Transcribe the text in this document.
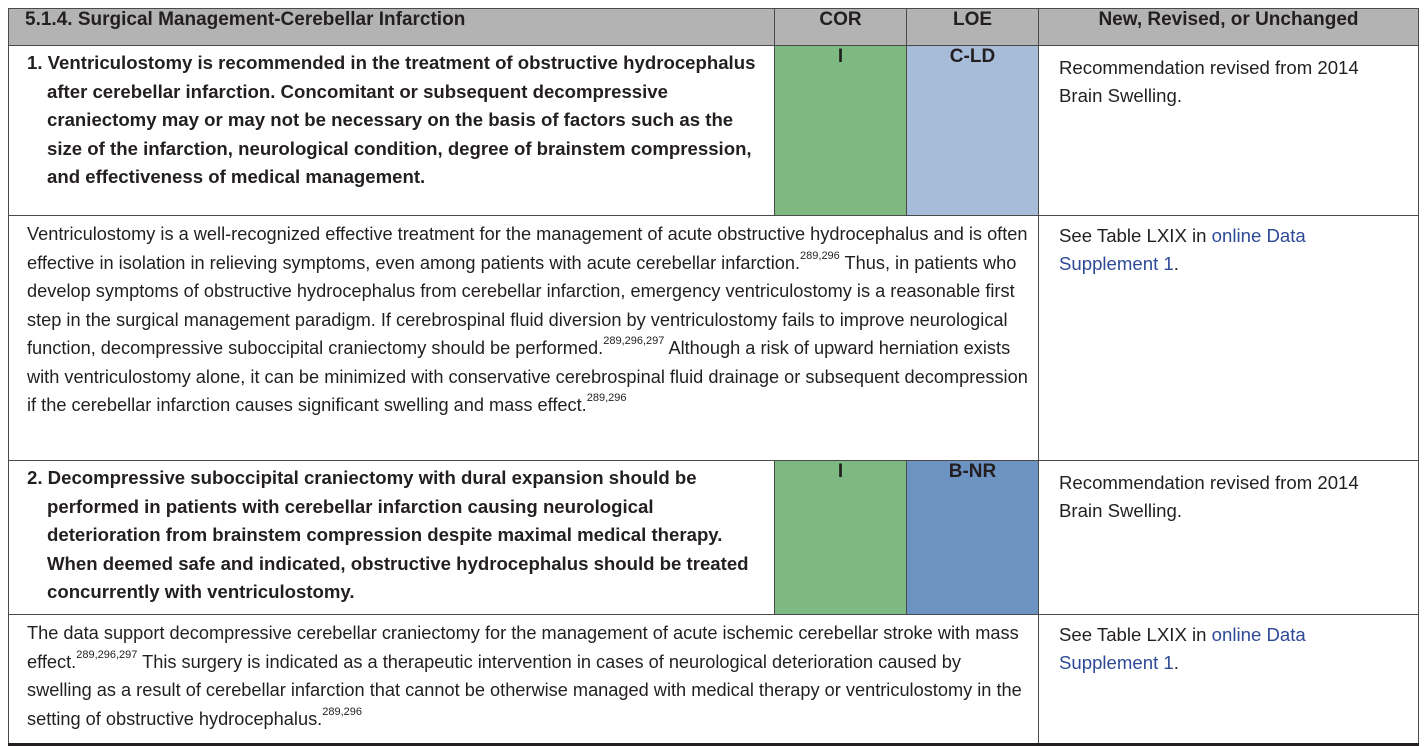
5.1.4. Surgical Management-Cerebellar Infarction	COR	LOE	New, Revised, or Unchanged

1. Ventriculostomy is recommended in the treatment of obstructive hydrocephalus after cerebellar infarction. Concomitant or subsequent decompressive craniectomy may or may not be necessary on the basis of factors such as the size of the infarction, neurological condition, degree of brainstem compression, and effectiveness of medical management.	I	C-LD	Recommendation revised from 2014 Brain Swelling.
Ventriculostomy is a well-recognized effective treatment for the management of acute obstructive hydrocephalus and is often effective in isolation in relieving symptoms, even among patients with acute cerebellar infarction.$^{289,296}$ Thus, in patients who develop symptoms of obstructive hydrocephalus from cerebellar infarction, emergency ventriculostomy is a reasonable first step in the surgical management paradigm. If cerebrospinal fluid diversion by ventriculostomy fails to improve neurological function, decompressive suboccipital craniectomy should be performed.$^{289,296,297}$ Although a risk of upward herniation exists with ventriculostomy alone, it can be minimized with conservative cerebrospinal fluid drainage or subsequent decompression if the cerebellar infarction causes significant swelling and mass effect.$^{289,296}$			See Table LXIX in online Data Supplement 1.

2. Decompressive suboccipital craniectomy with dural expansion should be performed in patients with cerebellar infarction causing neurological deterioration from brainstem compression despite maximal medical therapy. When deemed safe and indicated, obstructive hydrocephalus should be treated concurrently with ventriculostomy.	I	B-NR	Recommendation revised from 2014 Brain Swelling.
The data support decompressive cerebellar craniectomy for the management of acute ischemic cerebellar stroke with mass effect.$^{289,296,297}$ This surgery is indicated as a therapeutic intervention in cases of neurological deterioration caused by swelling as a result of cerebellar infarction that cannot be otherwise managed with medical therapy or ventriculostomy in the setting of obstructive hydrocephalus.$^{289,296}$			See Table LXIX in online Data Supplement 1.
